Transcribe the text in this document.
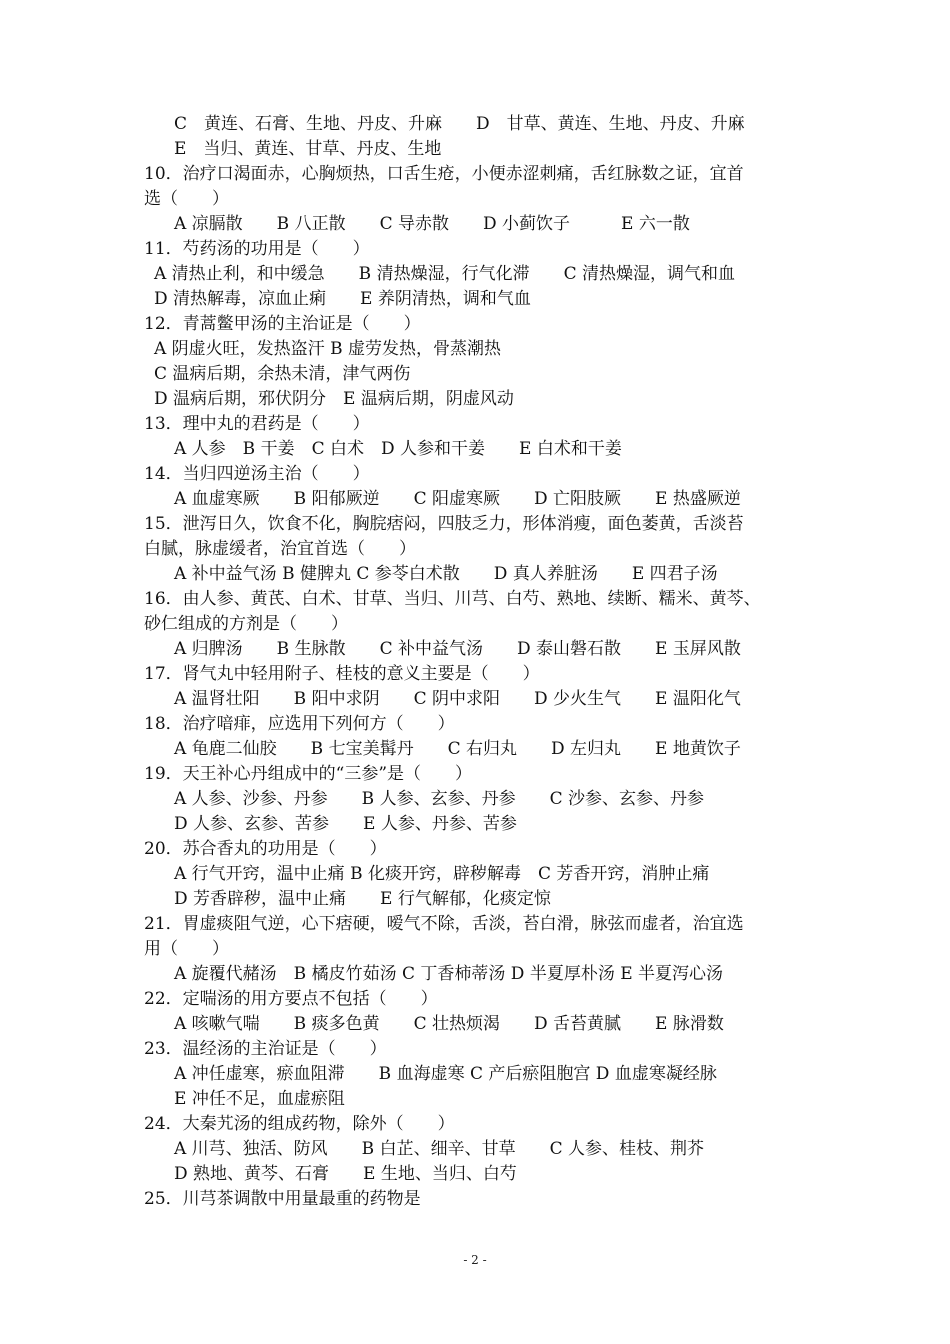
C　黄连、石膏、生地、丹皮、升麻　　D　甘草、黄连、生地、丹皮、升麻
E　当归、黄连、甘草、丹皮、生地
10．治疗口渴面赤，心胸烦热，口舌生疮，小便赤涩刺痛，舌红脉数之证，宜首
选（　　）
A 凉膈散　　B 八正散　　C 导赤散　　D 小蓟饮子　　　E 六一散
11．芍药汤的功用是（　　）
A 清热止利，和中缓急　　B 清热燥湿，行气化滞　　C 清热燥湿，调气和血
D 清热解毒，凉血止痢　　E 养阴清热，调和气血
12．青蒿鳖甲汤的主治证是（　　）
A 阴虚火旺，发热盗汗 B 虚劳发热，骨蒸潮热
C 温病后期，余热未清，津气两伤
D 温病后期，邪伏阴分　E 温病后期，阴虚风动
13．理中丸的君药是（　　）
A 人参　B 干姜　C 白术　D 人参和干姜　　E 白术和干姜
14．当归四逆汤主治（　　）
A 血虚寒厥　　B 阳郁厥逆　　C 阳虚寒厥　　D 亡阳肢厥　　E 热盛厥逆
15．泄泻日久，饮食不化，胸脘痞闷，四肢乏力，形体消瘦，面色萎黄，舌淡苔
白腻，脉虚缓者，治宜首选（　　）
A 补中益气汤 B 健脾丸 C 参苓白术散　　D 真人养脏汤　　E 四君子汤
16．由人参、黄芪、白术、甘草、当归、川芎、白芍、熟地、续断、糯米、黄芩、
砂仁组成的方剂是（　　）
A 归脾汤　　B 生脉散　　C 补中益气汤　　D 泰山磐石散　　E 玉屏风散
17．肾气丸中轻用附子、桂枝的意义主要是（　　）
A 温肾壮阳　　B 阳中求阴　　C 阴中求阳　　D 少火生气　　E 温阳化气
18．治疗喑痱，应选用下列何方（　　）
A 龟鹿二仙胶　　B 七宝美髯丹　　C 右归丸　　D 左归丸　　E 地黄饮子
19．天王补心丹组成中的“三参”是（　　）
A 人参、沙参、丹参　　B 人参、玄参、丹参　　C 沙参、玄参、丹参
D 人参、玄参、苦参　　E 人参、丹参、苦参
20．苏合香丸的功用是（　　）
A 行气开窍，温中止痛 B 化痰开窍，辟秽解毒　C 芳香开窍，消肿止痛
D 芳香辟秽，温中止痛　　E 行气解郁，化痰定惊
21．胃虚痰阻气逆，心下痞硬，嗳气不除，舌淡，苔白滑，脉弦而虚者，治宜选
用（　　）
A 旋覆代赭汤　B 橘皮竹茹汤 C 丁香柿蒂汤 D 半夏厚朴汤 E 半夏泻心汤
22．定喘汤的用方要点不包括（　　）
A 咳嗽气喘　　B 痰多色黄　　C 壮热烦渴　　D 舌苔黄腻　　E 脉滑数
23．温经汤的主治证是（　　）
A 冲任虚寒，瘀血阻滞　　B 血海虚寒 C 产后瘀阻胞宫 D 血虚寒凝经脉
E 冲任不足，血虚瘀阻
24．大秦艽汤的组成药物，除外（　　）
A 川芎、独活、防风　　B 白芷、细辛、甘草　　C 人参、桂枝、荆芥
D 熟地、黄芩、石膏　　E 生地、当归、白芍
25．川芎茶调散中用量最重的药物是
- 2 -
